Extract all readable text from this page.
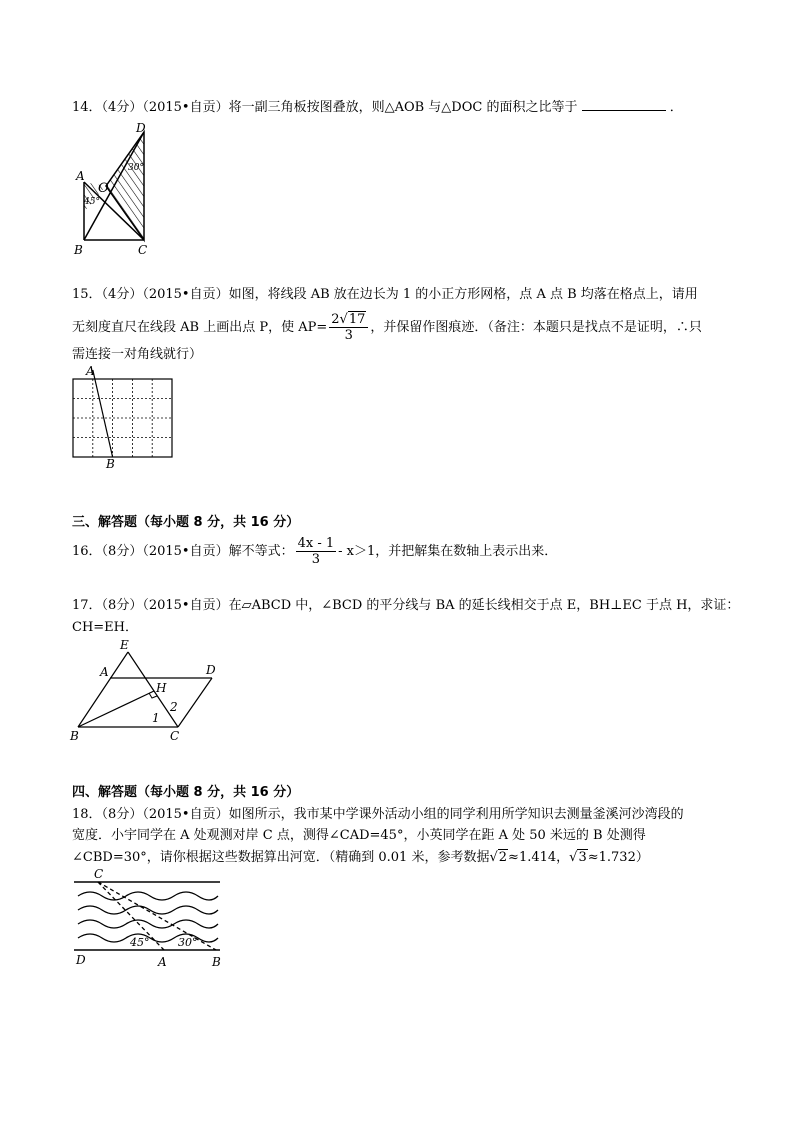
14．（4分）（2015•自贡）将一副三角板按图叠放，则△AOB 与△DOC 的面积之比等于	．
D
A
O
B	C
45°
30°
15．（4分）（2015•自贡）如图，将线段 AB 放在边长为 1 的小正方形网格，点 A 点 B 均落在格点上，请用
无刻度直尺在线段 AB 上画出点 P，使 $AP= \frac{2√17}{3}$ ，并保留作图痕迹．（备注：本题只是找点不是证明，∴只
需连接一对角线就行）
A
B
三、解答题（每小题 8 分，共 16 分）
16．（8分）（2015•自贡）解不等式： $\frac{4x - 1}{3} - x>1$，并把解集在数轴上表示出来．
17．（8分）（2015•自贡）在▱ABCD 中，∠BCD 的平分线与 BA 的延长线相交于点 E，BH⊥EC 于点 H，求证：
CH=EH．
E
A	D
H
B	C
1
2
四、解答题（每小题 8 分，共 16 分）
18．（8分）（2015•自贡）如图所示，我市某中学课外活动小组的同学利用所学知识去测量釜溪河沙湾段的
宽度．小宇同学在 A 处观测对岸 C 点，测得∠CAD=45°，小英同学在距 A 处 50 米远的 B 处测得
∠CBD=30°，请你根据这些数据算出河宽．（精确到 0.01 米，参考数据√2≈1.414，√3≈1.732）
C
45°	30°
D	A	B
